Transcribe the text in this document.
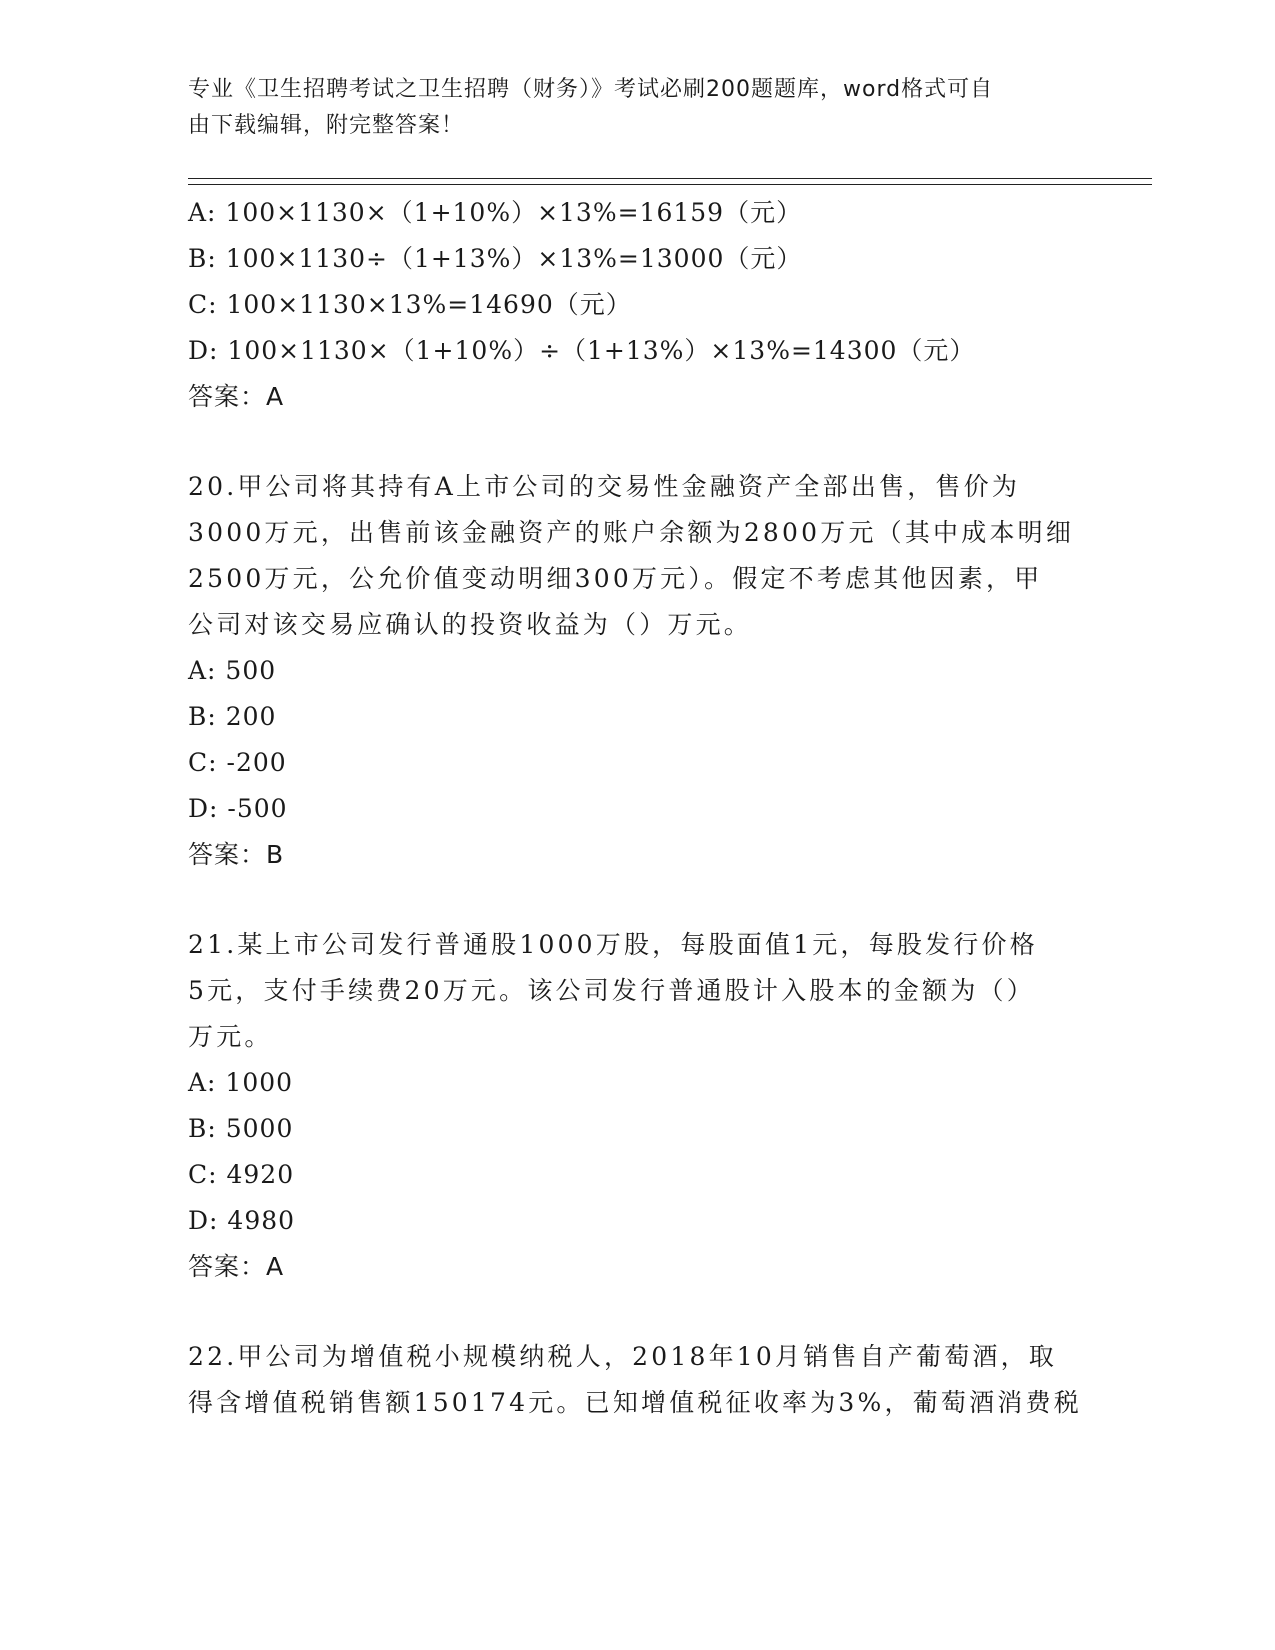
专业《卫生招聘考试之卫生招聘（财务）》考试必刷200题题库，word格式可自
由下载编辑，附完整答案！
A: 100×1130×（1+10%）×13%=16159（元）
B: 100×1130÷（1+13%）×13%=13000（元）
C: 100×1130×13%=14690（元）
D: 100×1130×（1+10%）÷（1+13%）×13%=14300（元）
答案：A
20.甲公司将其持有A上市公司的交易性金融资产全部出售，售价为
3000万元，出售前该金融资产的账户余额为2800万元（其中成本明细
2500万元，公允价值变动明细300万元）。假定不考虑其他因素，甲
公司对该交易应确认的投资收益为（）万元。
A: 500
B: 200
C: -200
D: -500
答案：B
21.某上市公司发行普通股1000万股，每股面值1元，每股发行价格
5元，支付手续费20万元。该公司发行普通股计入股本的金额为（）
万元。
A: 1000
B: 5000
C: 4920
D: 4980
答案：A
22.甲公司为增值税小规模纳税人，2018年10月销售自产葡萄酒，取
得含增值税销售额150174元。已知增值税征收率为3%，葡萄酒消费税
